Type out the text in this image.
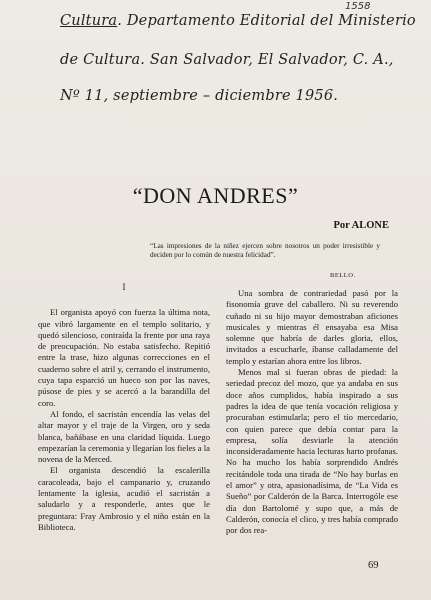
1558
Cultura. Departamento Editorial del Ministerio
de Cultura. San Salvador, El Salvador, C. A.,
Nº 11, septiembre – diciembre 1956.
“DON ANDRES”
Por ALONE
“Las impresiones de la niñez ejercen sobre nosotros un poder irresistible y deciden por lo común de nuestra felicidad”.
BELLO.
I

El organista apoyó con fuerza la última nota, que vibró largamente en el templo solitario, y quedó silencioso, contraída la frente por una raya de preocupación. No estaba satisfecho. Repitió entre la trase, hizo algunas correcciones en el cuaderno sobre el atril y, cerrando el instrumento, cuya tapa esparció un hueco son por las naves, púsose de pies y se acercó a la barandilla del coro.

Al fondo, el sacristán encendía las velas del altar mayor y el traje de la Virgen, oro y seda blanca, bañábase en una claridad líquida. Luego empezarían la ceremonia y llegarían los fieles a la novena de la Merced.

El organista descendió la escalerilla caracoleada, bajo el campanario y, cruzando lentamente la iglesia, acudió el sacristán a saludarlo y a responderle, antes que le preguntara: Fray Ambrosio y el niño están en la Biblioteca.

Una sombra de contrariedad pasó por la fisonomía grave del caballero. Ni su reverendo cuñado ni su hijo mayor demostraban aficiones musicales y mientras él ensayaba esa Misa solemne que habría de darles gloria, ellos, invitados a escucharle, íbanse calladamente del templo y estarían ahora entre los libros.

Menos mal si fueran obras de piedad: la seriedad precoz del mozo, que ya andaba en sus doce años cumplidos, había inspirado a sus padres la idea de que tenía vocación religiosa y procuraban estimularla; pero el tío mercedario, con quien parece que debía contar para la empresa, solía desviarle la atención inconsideradamente hacia lecturas harto profanas. No ha mucho los había sorprendido Andrés recitándole toda una tirada de “No hay burlas en el amor” y otra, apasionadísima, de “La Vida es Sueño” por Calderón de la Barca. Interrogóle ese día don Bartolomé y supo que, a más de Calderón, conocía el clico, y tres había comprado por dos rea-

69
